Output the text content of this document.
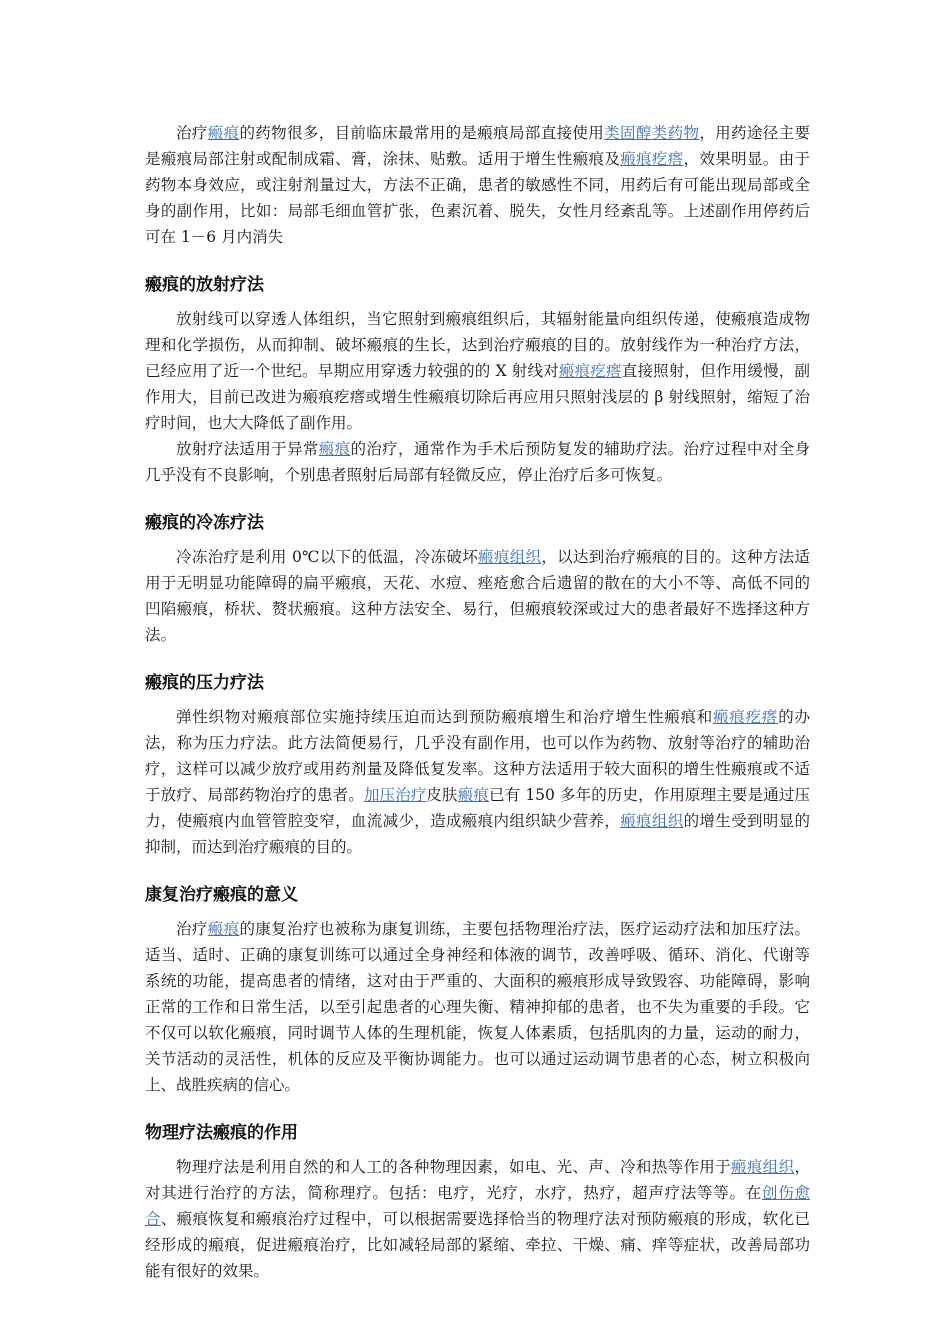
治疗瘢痕的药物很多，目前临床最常用的是瘢痕局部直接使用类固醇类药物，用药途径主要是瘢痕局部注射或配制成霜、膏，涂抹、贴敷。适用于增生性瘢痕及瘢痕疙瘩，效果明显。由于药物本身效应，或注射剂量过大，方法不正确，患者的敏感性不同，用药后有可能出现局部或全身的副作用，比如：局部毛细血管扩张，色素沉着、脱失，女性月经紊乱等。上述副作用停药后可在 1－6 月内消失

瘢痕的放射疗法

放射线可以穿透人体组织，当它照射到瘢痕组织后，其辐射能量向组织传递，使瘢痕造成物理和化学损伤，从而抑制、破坏瘢痕的生长，达到治疗瘢痕的目的。放射线作为一种治疗方法，已经应用了近一个世纪。早期应用穿透力较强的的 X 射线对瘢痕疙瘩直接照射，但作用缓慢，副作用大，目前已改进为瘢痕疙瘩或增生性瘢痕切除后再应用只照射浅层的 β 射线照射，缩短了治疗时间，也大大降低了副作用。

放射疗法适用于异常瘢痕的治疗，通常作为手术后预防复发的辅助疗法。治疗过程中对全身几乎没有不良影响，个别患者照射后局部有轻微反应，停止治疗后多可恢复。

瘢痕的冷冻疗法

冷冻治疗是利用 0℃以下的低温，冷冻破坏瘢痕组织，以达到治疗瘢痕的目的。这种方法适用于无明显功能障碍的扁平瘢痕，天花、水痘、痤疮愈合后遗留的散在的大小不等、高低不同的凹陷瘢痕，桥状、赘状瘢痕。这种方法安全、易行，但瘢痕较深或过大的患者最好不选择这种方法。

瘢痕的压力疗法

弹性织物对瘢痕部位实施持续压迫而达到预防瘢痕增生和治疗增生性瘢痕和瘢痕疙瘩的办法，称为压力疗法。此方法简便易行，几乎没有副作用，也可以作为药物、放射等治疗的辅助治疗，这样可以减少放疗或用药剂量及降低复发率。这种方法适用于较大面积的增生性瘢痕或不适于放疗、局部药物治疗的患者。加压治疗皮肤瘢痕已有 150 多年的历史，作用原理主要是通过压力，使瘢痕内血管管腔变窄，血流减少，造成瘢痕内组织缺少营养，瘢痕组织的增生受到明显的抑制，而达到治疗瘢痕的目的。

康复治疗瘢痕的意义

治疗瘢痕的康复治疗也被称为康复训练，主要包括物理治疗法，医疗运动疗法和加压疗法。适当、适时、正确的康复训练可以通过全身神经和体液的调节，改善呼吸、循环、消化、代谢等系统的功能，提高患者的情绪，这对由于严重的、大面积的瘢痕形成导致毁容、功能障碍，影响正常的工作和日常生活，以至引起患者的心理失衡、精神抑郁的患者，也不失为重要的手段。它不仅可以软化瘢痕，同时调节人体的生理机能，恢复人体素质，包括肌肉的力量，运动的耐力，关节活动的灵活性，机体的反应及平衡协调能力。也可以通过运动调节患者的心态，树立积极向上、战胜疾病的信心。

物理疗法瘢痕的作用

物理疗法是利用自然的和人工的各种物理因素，如电、光、声、冷和热等作用于瘢痕组织，对其进行治疗的方法，简称理疗。包括：电疗，光疗，水疗，热疗，超声疗法等等。在创伤愈合、瘢痕恢复和瘢痕治疗过程中，可以根据需要选择恰当的物理疗法对预防瘢痕的形成，软化已经形成的瘢痕，促进瘢痕治疗，比如减轻局部的紧缩、牵拉、干燥、痛、痒等症状，改善局部功能有很好的效果。
